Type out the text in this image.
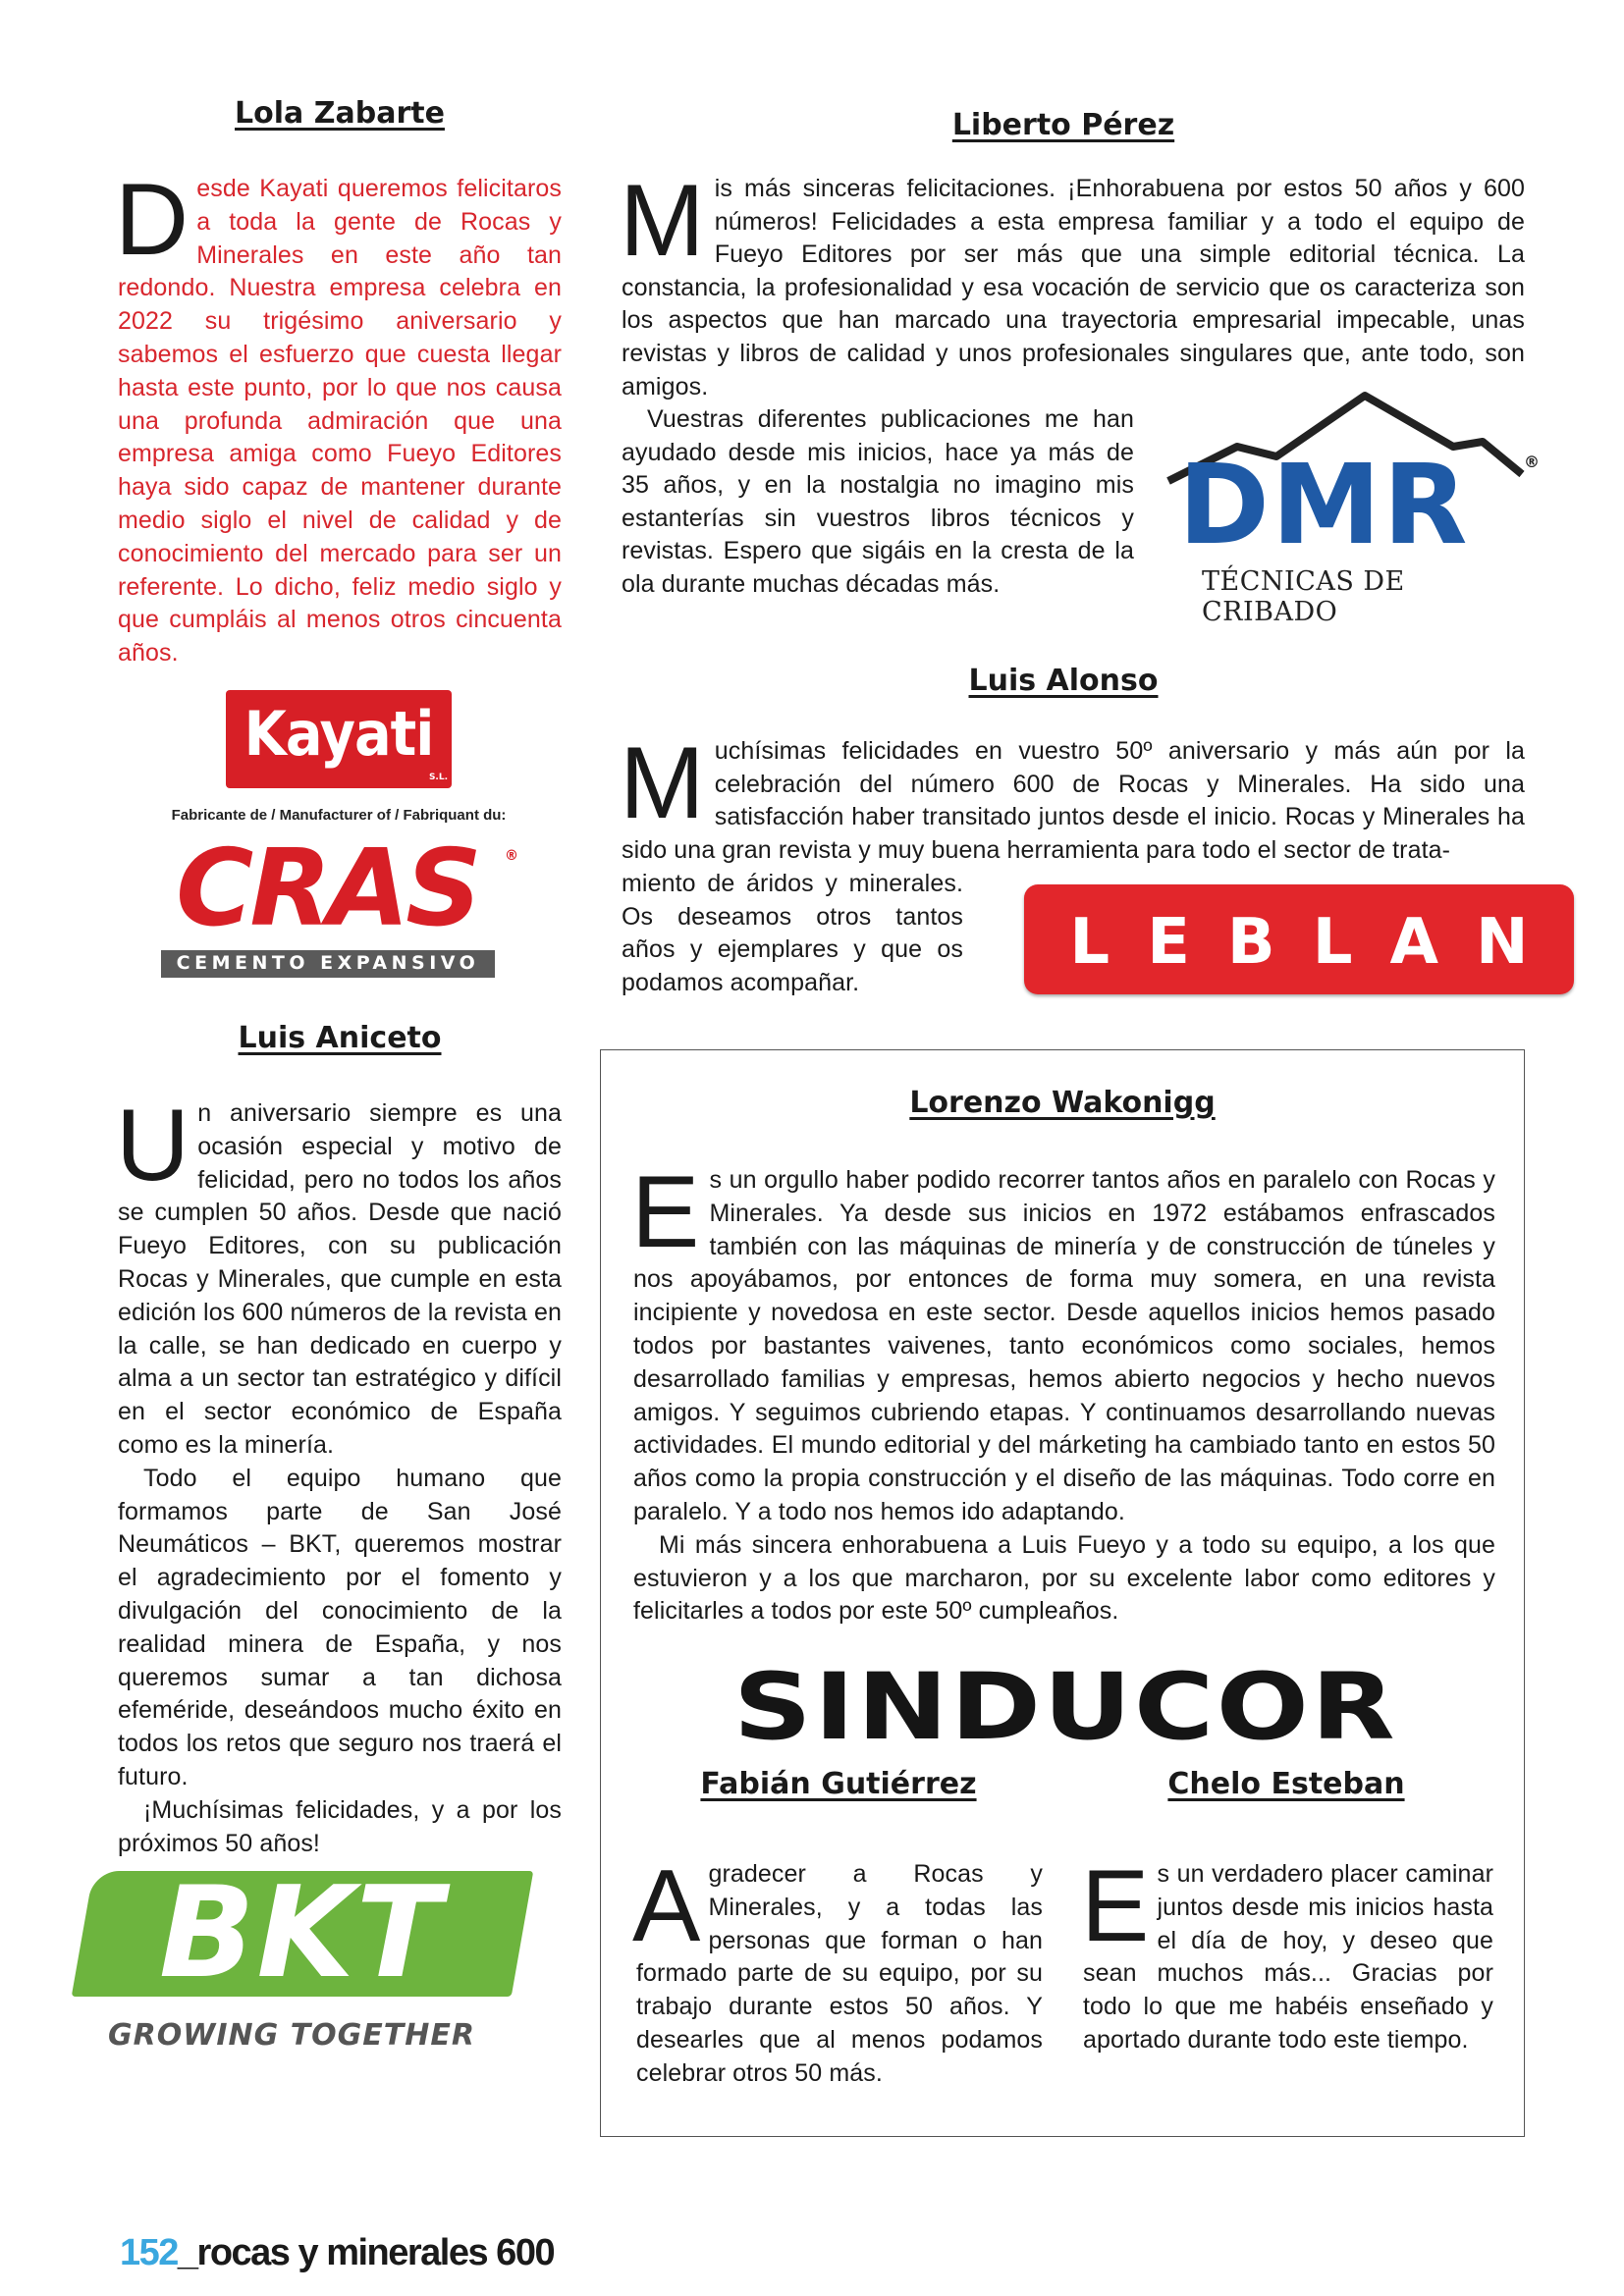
Lola Zabarte
D esde Kayati queremos felicitaros a toda la gente de Rocas y Minerales en este año tan redondo. Nuestra empresa celebra en 2022 su trigésimo aniversario y sabemos el esfuerzo que cuesta llegar hasta este punto, por lo que nos causa una profunda admiración que una empresa amiga como Fueyo Editores haya sido capaz de mantener durante medio siglo el nivel de calidad y de conocimiento del mercado para ser un referente. Lo dicho, feliz medio siglo y que cumpláis al menos otros cincuenta años.
Kayati
S.L.
Fabricante de / Manufacturer of / Fabriquant du:
CRAS	®
CEMENTO EXPANSIVO
Luis Aniceto

Un aniversario siempre es una ocasión especial y motivo de felicidad, pero no todos los años se cumplen 50 años. Desde que nació Fueyo Editores, con su publicación Rocas y Minerales, que cumple en esta edición los 600 números de la revista en la calle, se han dedicado en cuerpo y alma a un sector tan estratégico y difícil en el sector económico de España como es la minería.

Todo el equipo humano que formamos parte de San José Neumáticos – BKT, queremos mostrar el agradecimiento por el fomento y divulgación del conocimiento de la realidad minera de España, y nos queremos sumar a tan dichosa efeméride, deseándoos mucho éxito en todos los retos que seguro nos traerá el futuro.

¡Muchísimas felicidades, y a por los próximos 50 años!

BKT
GROWING TOGETHER
Liberto Pérez

Mis más sinceras felicitaciones. ¡Enhorabuena por estos 50 años y 600 números! Felicidades a esta empresa familiar y a todo el equipo de Fueyo Editores por ser más que una simple editorial técnica. La constancia, la profesionalidad y esa vocación de servicio que os caracteriza son los aspectos que han marcado una trayectoria empresarial impecable, unas revistas y libros de calidad y unos profesionales singulares que, ante todo, son amigos.

Vuestras diferentes publicaciones me han ayudado desde mis inicios, hace ya más de 35 años, y en la nostalgia no imagino mis estanterías sin vuestros libros técnicos y revistas. Espero que sigáis en la cresta de la ola durante muchas décadas más.
DMR	®
TÉCNICAS DE CRIBADO
Luis Alonso

Muchísimas felicidades en vuestro 50º aniversario y más aún por la celebración del número 600 de Rocas y Minerales. Ha sido una satisfacción haber transitado juntos desde el inicio. Rocas y Minerales ha sido una gran revista y muy buena herramienta para todo el sector de trata-

miento de áridos y minerales. Os deseamos otros tantos años y ejemplares y que os podamos acompañar.
LEBLAN
Lorenzo Wakonigg

Es un orgullo haber podido recorrer tantos años en paralelo con Rocas y Minerales. Ya desde sus inicios en 1972 estábamos enfrascados también con las máquinas de minería y de construcción de túneles y nos apoyábamos, por entonces de forma muy somera, en una revista incipiente y novedosa en este sector. Desde aquellos inicios hemos pasado todos por bastantes vaivenes, tanto económicos como sociales, hemos desarrollado familias y empresas, hemos abierto negocios y hecho nuevos amigos. Y seguimos cubriendo etapas. Y continuamos desarrollando nuevas actividades. El mundo editorial y del márketing ha cambiado tanto en estos 50 años como la propia construcción y el diseño de las máquinas. Todo corre en paralelo. Y a todo nos hemos ido adaptando.

Mi más sincera enhorabuena a Luis Fueyo y a todo su equipo, a los que estuvieron y a los que marcharon, por su excelente labor como editores y felicitarles a todos por este 50º cumpleaños.

SINDUCOR
Fabián Gutiérrez	Chelo Esteban
A gradecer a Rocas y Minerales, y a todas las personas que forman o han formado parte de su equipo, por su trabajo durante estos 50 años. Y desearles que al menos podamos celebrar otros 50 más.
E s un verdadero placer caminar juntos desde mis inicios hasta el día de hoy, y deseo que sean muchos más... Gracias por todo lo que me habéis enseñado y aportado durante todo este tiempo.
152_rocas y minerales 600
